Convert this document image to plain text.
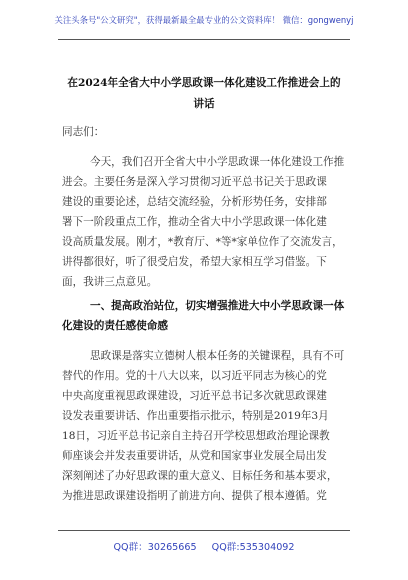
关注头条号"公文研究"，获得最新最全最专业的公文资料库！ 微信：gongwenyj
在2024年全省大中小学思政课一体化建设工作推进会上的
讲话
同志们：
今天，我们召开全省大中小学思政课一体化建设工作推
进会。主要任务是深入学习贯彻习近平总书记关于思政课
建设的重要论述，总结交流经验，分析形势任务，安排部
署下一阶段重点工作，推动全省大中小学思政课一体化建
设高质量发展。刚才，*教育厅、*等*家单位作了交流发言，
讲得都很好，听了很受启发，希望大家相互学习借鉴。下
面，我讲三点意见。
一、提高政治站位，切实增强推进大中小学思政课一体
化建设的责任感使命感
思政课是落实立德树人根本任务的关键课程，具有不可
替代的作用。党的十八大以来，以习近平同志为核心的党
中央高度重视思政课建设，习近平总书记多次就思政课建
设发表重要讲话、作出重要指示批示，特别是2019年3月
18日，习近平总书记亲自主持召开学校思想政治理论课教
师座谈会并发表重要讲话，从党和国家事业发展全局出发
深刻阐述了办好思政课的重大意义、目标任务和基本要求，
为推进思政课建设指明了前进方向、提供了根本遵循。党
QQ群：30265665 QQ群:535304092
